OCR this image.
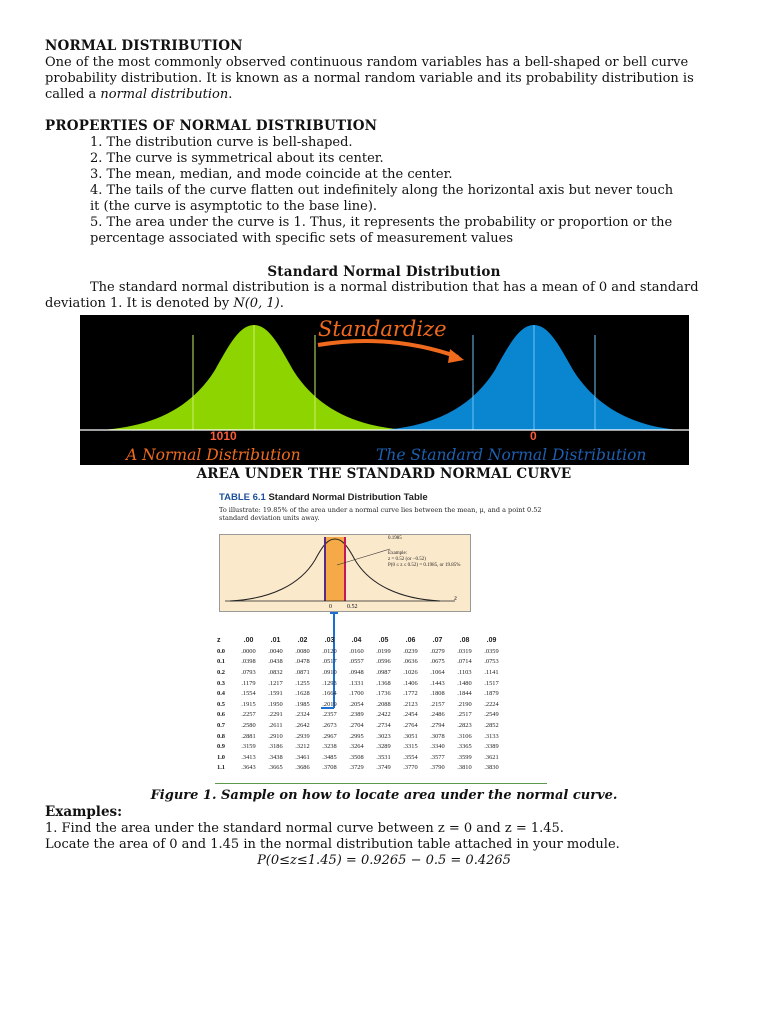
NORMAL DISTRIBUTION
One of the most commonly observed continuous random variables has a bell-shaped or bell curve
probability distribution. It is known as a normal random variable and its probability distribution is
called a normal distribution.
PROPERTIES OF NORMAL DISTRIBUTION
1. The distribution curve is bell-shaped.
2. The curve is symmetrical about its center.
3. The mean, median, and mode coincide at the center.
4. The tails of the curve flatten out indefinitely along the horizontal axis but never touch
it (the curve is asymptotic to the base line).
5. The area under the curve is 1. Thus, it represents the probability or proportion or the
percentage associated with specific sets of measurement values
Standard Normal Distribution
The standard normal distribution is a normal distribution that has a mean of 0 and standard
deviation 1. It is denoted by N(0, 1).
Standardize
1010	0
A Normal Distribution	The Standard Normal Distribution
AREA UNDER THE STANDARD NORMAL CURVE
TABLE 6.1 Standard Normal Distribution Table
To illustrate: 19.85% of the area under a normal curve lies between the mean, μ, and a point 0.52 standard deviation units away.
0.1985
Example:
z = 0.52 (or −0.52)
P(0 ≤ z ≤ 0.52) = 0.1985, or 19.85%
z
0	0.52
z	.00	.01	.02	.03	.04	.05	.06	.07	.08	.09
0.0	.0000	.0040	.0080	.0120	.0160	.0199	.0239	.0279	.0319	.0359
0.1	.0398	.0438	.0478	.0517	.0557	.0596	.0636	.0675	.0714	.0753
0.2	.0793	.0832	.0871	.0910	.0948	.0987	.1026	.1064	.1103	.1141
0.3	.1179	.1217	.1255	.1293	.1331	.1368	.1406	.1443	.1480	.1517
0.4	.1554	.1591	.1628	.1664	.1700	.1736	.1772	.1808	.1844	.1879
0.5	.1915	.1950	.1985	.2019	.2054	.2088	.2123	.2157	.2190	.2224
0.6	.2257	.2291	.2324	.2357	.2389	.2422	.2454	.2486	.2517	.2549
0.7	.2580	.2611	.2642	.2673	.2704	.2734	.2764	.2794	.2823	.2852
0.8	.2881	.2910	.2939	.2967	.2995	.3023	.3051	.3078	.3106	.3133
0.9	.3159	.3186	.3212	.3238	.3264	.3289	.3315	.3340	.3365	.3389
1.0	.3413	.3438	.3461	.3485	.3508	.3531	.3554	.3577	.3599	.3621
1.1	.3643	.3665	.3686	.3708	.3729	.3749	.3770	.3790	.3810	.3830
Figure 1. Sample on how to locate area under the normal curve.
Examples:
1. Find the area under the standard normal curve between z = 0 and z = 1.45.
Locate the area of 0 and 1.45 in the normal distribution table attached in your module.
P(0≤z≤1.45) = 0.9265 − 0.5 = 0.4265
